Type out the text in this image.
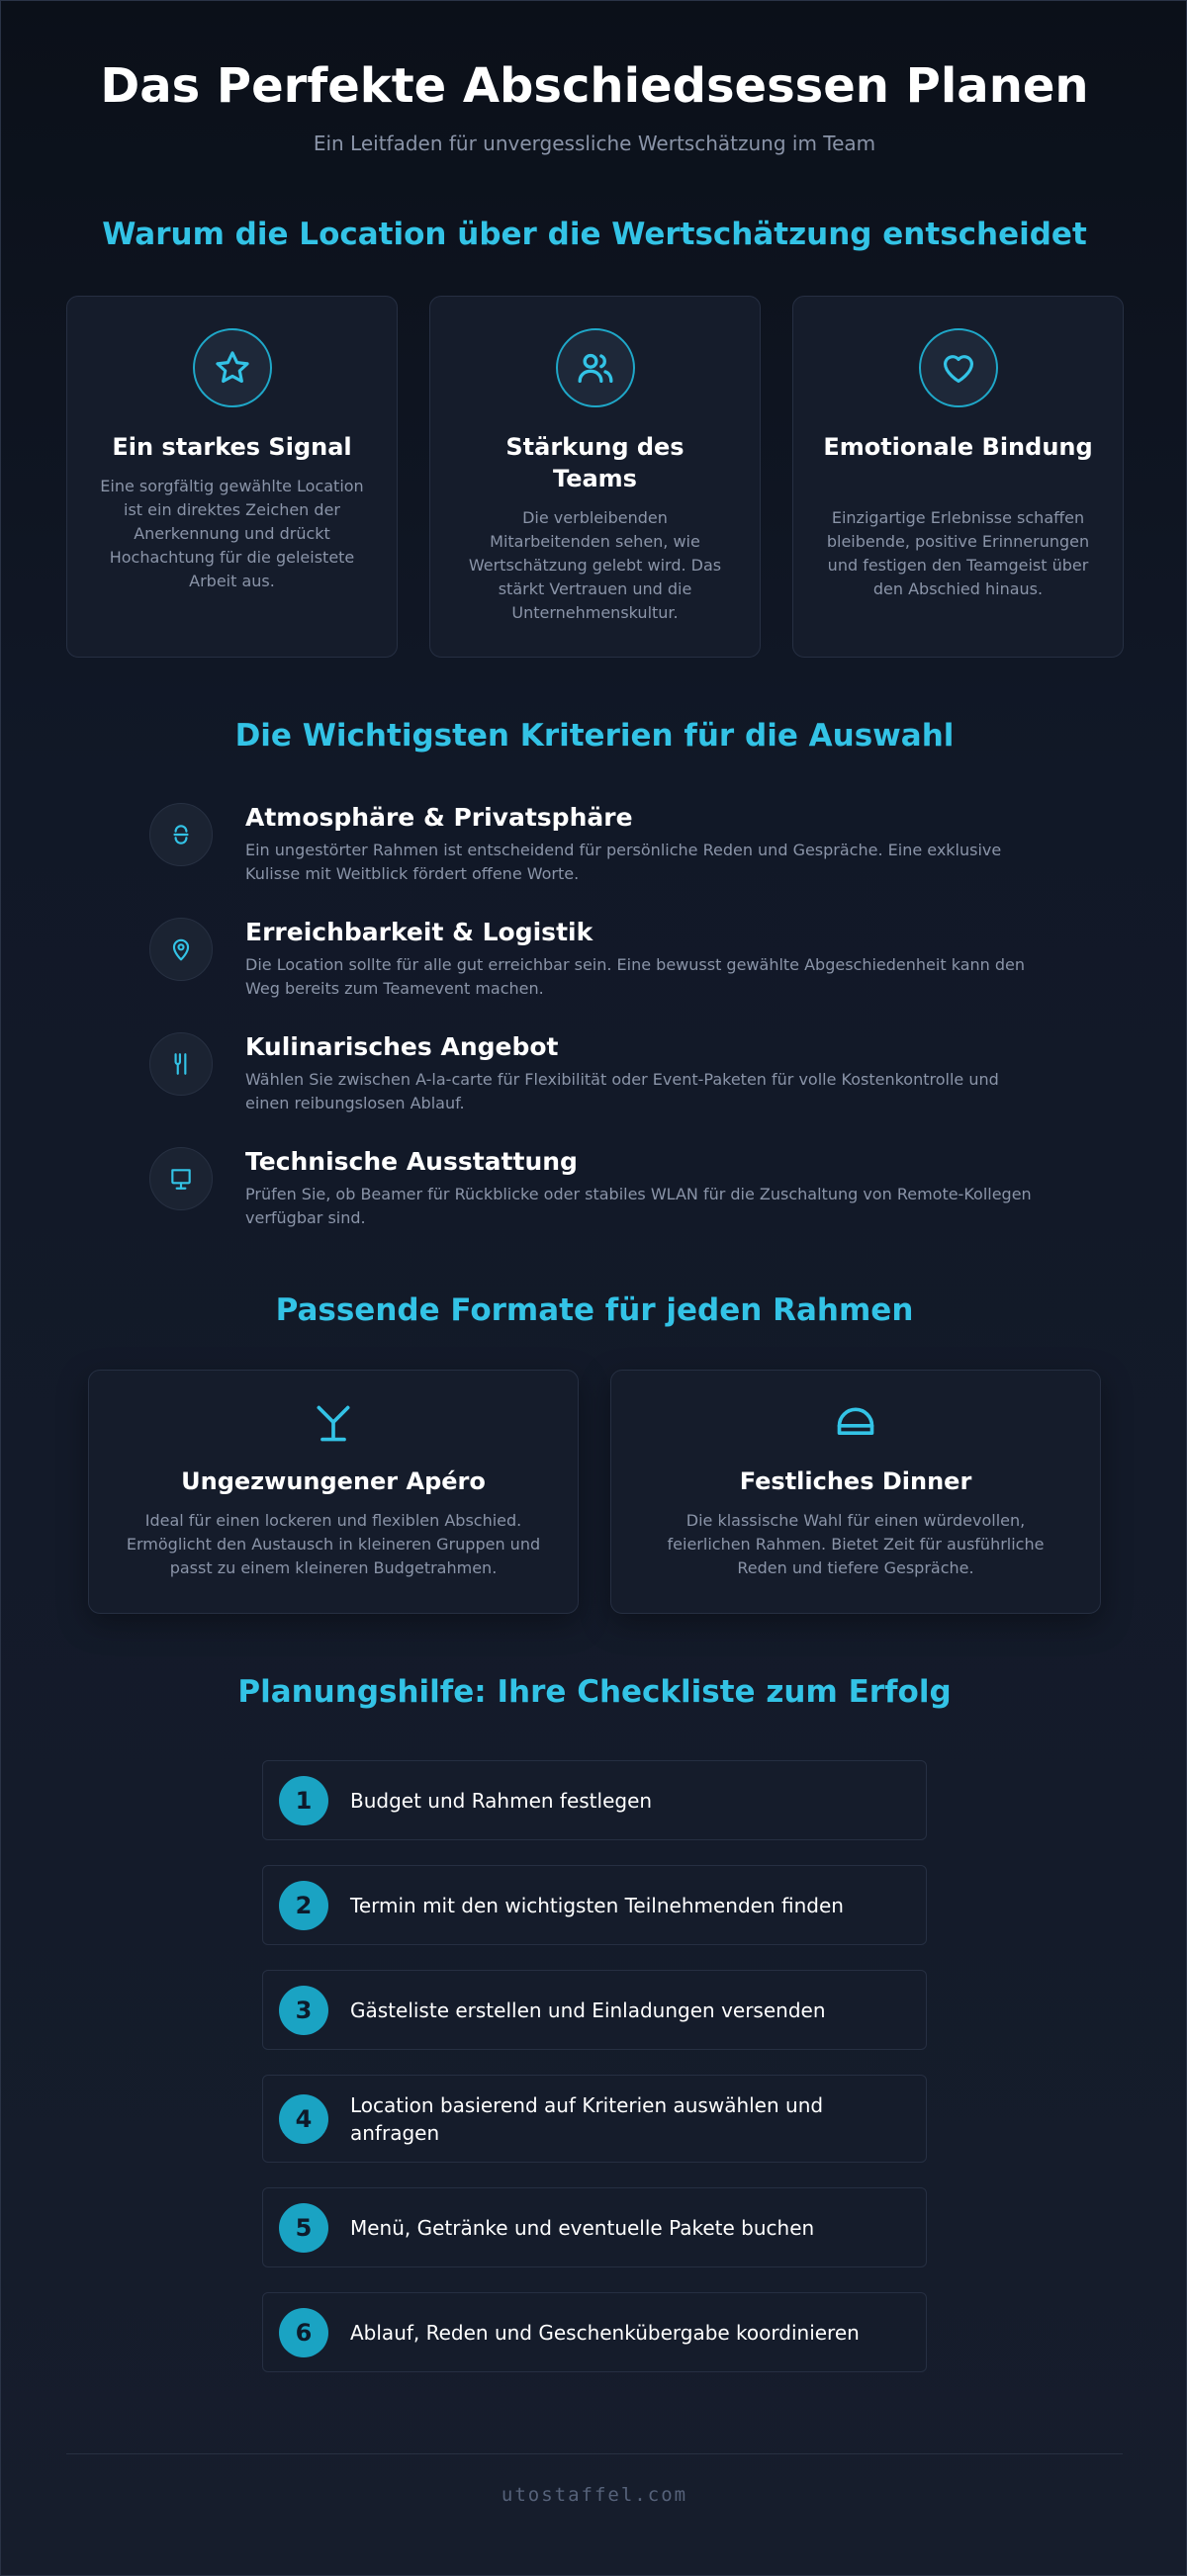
Das Perfekte Abschiedsessen Planen
Ein Leitfaden für unvergessliche Wertschätzung im Team
Warum die Location über die Wertschätzung entscheidet
Ein starkes Signal
Eine sorgfältig gewählte Location ist ein direktes Zeichen der Anerkennung und drückt Hochachtung für die geleistete Arbeit aus.
Stärkung des Teams
Die verbleibenden Mitarbeitenden sehen, wie Wertschätzung gelebt wird. Das stärkt Vertrauen und die Unternehmenskultur.
Emotionale Bindung
Einzigartige Erlebnisse schaffen bleibende, positive Erinnerungen und festigen den Teamgeist über den Abschied hinaus.
Die Wichtigsten Kriterien für die Auswahl
Atmosphäre & Privatsphäre
Ein ungestörter Rahmen ist entscheidend für persönliche Reden und Gespräche. Eine exklusive Kulisse mit Weitblick fördert offene Worte.
Erreichbarkeit & Logistik
Die Location sollte für alle gut erreichbar sein. Eine bewusst gewählte Abgeschiedenheit kann den Weg bereits zum Teamevent machen.
Kulinarisches Angebot
Wählen Sie zwischen A-la-carte für Flexibilität oder Event-Paketen für volle Kostenkontrolle und einen reibungslosen Ablauf.
Technische Ausstattung
Prüfen Sie, ob Beamer für Rückblicke oder stabiles WLAN für die Zuschaltung von Remote-Kollegen verfügbar sind.
Passende Formate für jeden Rahmen
Ungezwungener Apéro
Ideal für einen lockeren und flexiblen Abschied. Ermöglicht den Austausch in kleineren Gruppen und passt zu einem kleineren Budgetrahmen.
Festliches Dinner
Die klassische Wahl für einen würdevollen, feierlichen Rahmen. Bietet Zeit für ausführliche Reden und tiefere Gespräche.
Planungshilfe: Ihre Checkliste zum Erfolg
1	Budget und Rahmen festlegen
2	Termin mit den wichtigsten Teilnehmenden finden
3	Gästeliste erstellen und Einladungen versenden
4	Location basierend auf Kriterien auswählen und anfragen
5	Menü, Getränke und eventuelle Pakete buchen
6	Ablauf, Reden und Geschenkübergabe koordinieren
utostaffel.com
